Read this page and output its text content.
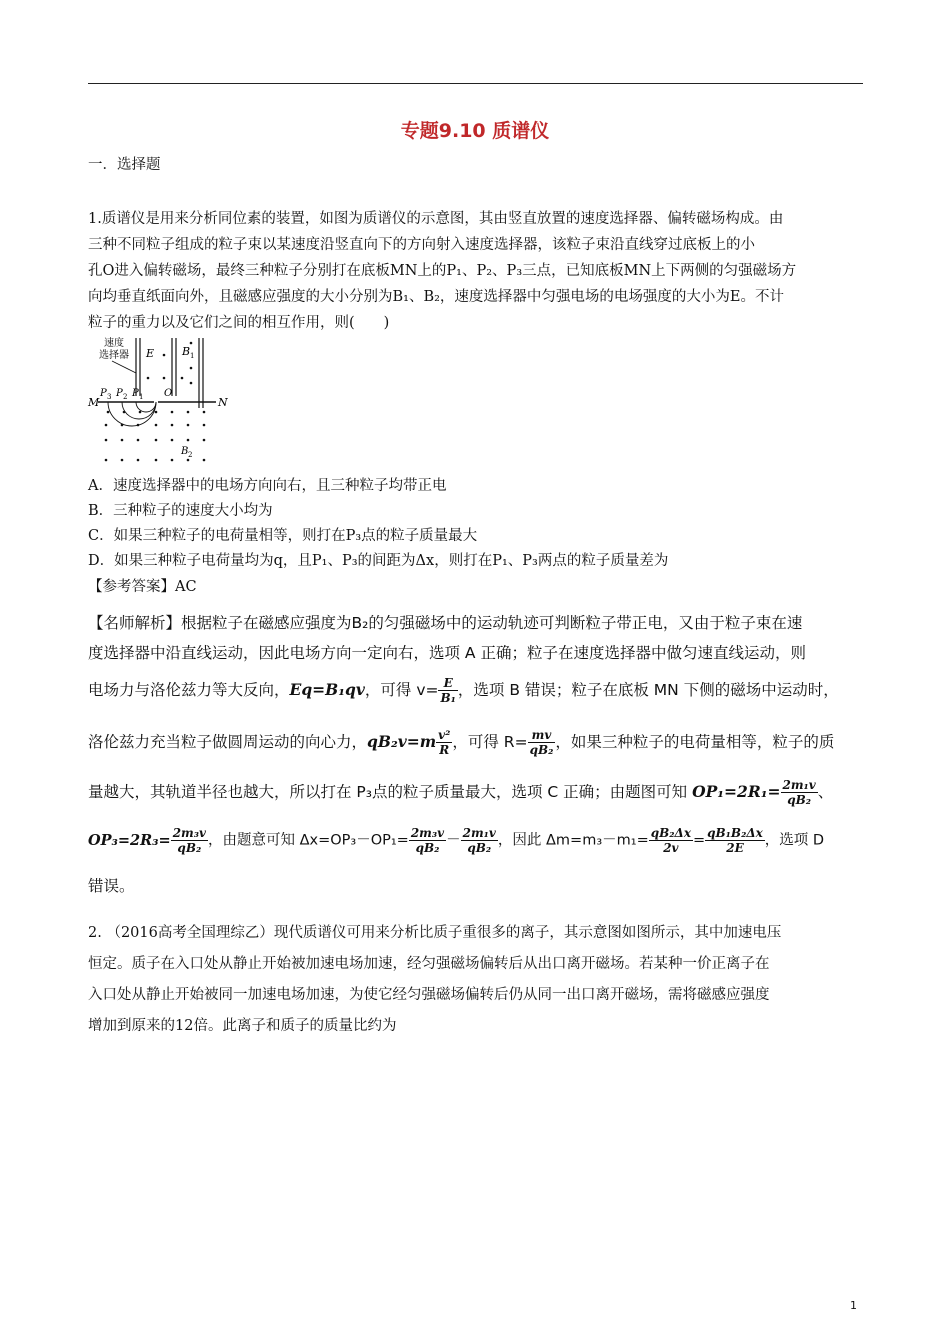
专题9.10 质谱仪
一．选择题
1.质谱仪是用来分析同位素的装置，如图为质谱仪的示意图，其由竖直放置的速度选择器、偏转磁场构成。由
三种不同粒子组成的粒子束以某速度沿竖直向下的方向射入速度选择器，该粒子束沿直线穿过底板上的小
孔O进入偏转磁场，最终三种粒子分别打在底板MN上的P₁、P₂、P₃三点，已知底板MN上下两侧的匀强磁场方
向均垂直纸面向外，且磁感应强度的大小分别为B₁、B₂，速度选择器中匀强电场的电场强度的大小为E。不计
粒子的重力以及它们之间的相互作用，则(　　)
速度
选择器 E	B 1
P 3 P 2 P 1 O
M	N
B 2
A．速度选择器中的电场方向向右，且三种粒子均带正电
B．三种粒子的速度大小均为
C．如果三种粒子的电荷量相等，则打在P₃点的粒子质量最大
D．如果三种粒子电荷量均为q，且P₁、P₃的间距为Δx，则打在P₁、P₃两点的粒子质量差为
【参考答案】AC
【名师解析】根据粒子在磁感应强度为B₂的匀强磁场中的运动轨迹可判断粒子带正电，又由于粒子束在速
度选择器中沿直线运动，因此电场方向一定向右，选项 A 正确；粒子在速度选择器中做匀速直线运动，则
电场力与洛伦兹力等大反向，Eq=B₁qv，可得 $v= \frac{E}{\text{B₁}}$ ，选项 B 错误；粒子在底板 MN 下侧的磁场中运动时，
洛伦兹力充当粒子做圆周运动的向心力，$qB_2v=m \frac{\text{v²}}{R}$ ，可得 $R= \frac{mv}{\text{qB₂}}$ ，如果三种粒子的电荷量相等，粒子的质
量越大，其轨道半径也越大，所以打在 P₃点的粒子质量最大，选项 C 正确；由题图可知 $OP_1=2R_1= \frac{\text{2m₁v}}{\text{qB₂}}$ 、
$OP_3=2R_3= \frac{\text{2m₃v}}{\text{qB₂}}$ ，由题意可知 $\Delta x=OP_3-OP_1= \frac{\text{2m₃v}}{\text{qB₂}} - \frac{\text{2m₁v}}{\text{qB₂}}$ ，因此 $\Delta m=m_3-m_1= \frac{\text{qB₂Δx}}{2v} = \frac{\text{qB₁B₂Δx}}{2E}$ ，选项 D
错误。
2. （2016高考全国理综乙）现代质谱仪可用来分析比质子重很多的离子，其示意图如图所示，其中加速电压
恒定。质子在入口处从静止开始被加速电场加速，经匀强磁场偏转后从出口离开磁场。若某种一价正离子在
入口处从静止开始被同一加速电场加速，为使它经匀强磁场偏转后仍从同一出口离开磁场，需将磁感应强度
增加到原来的12倍。此离子和质子的质量比约为
1
